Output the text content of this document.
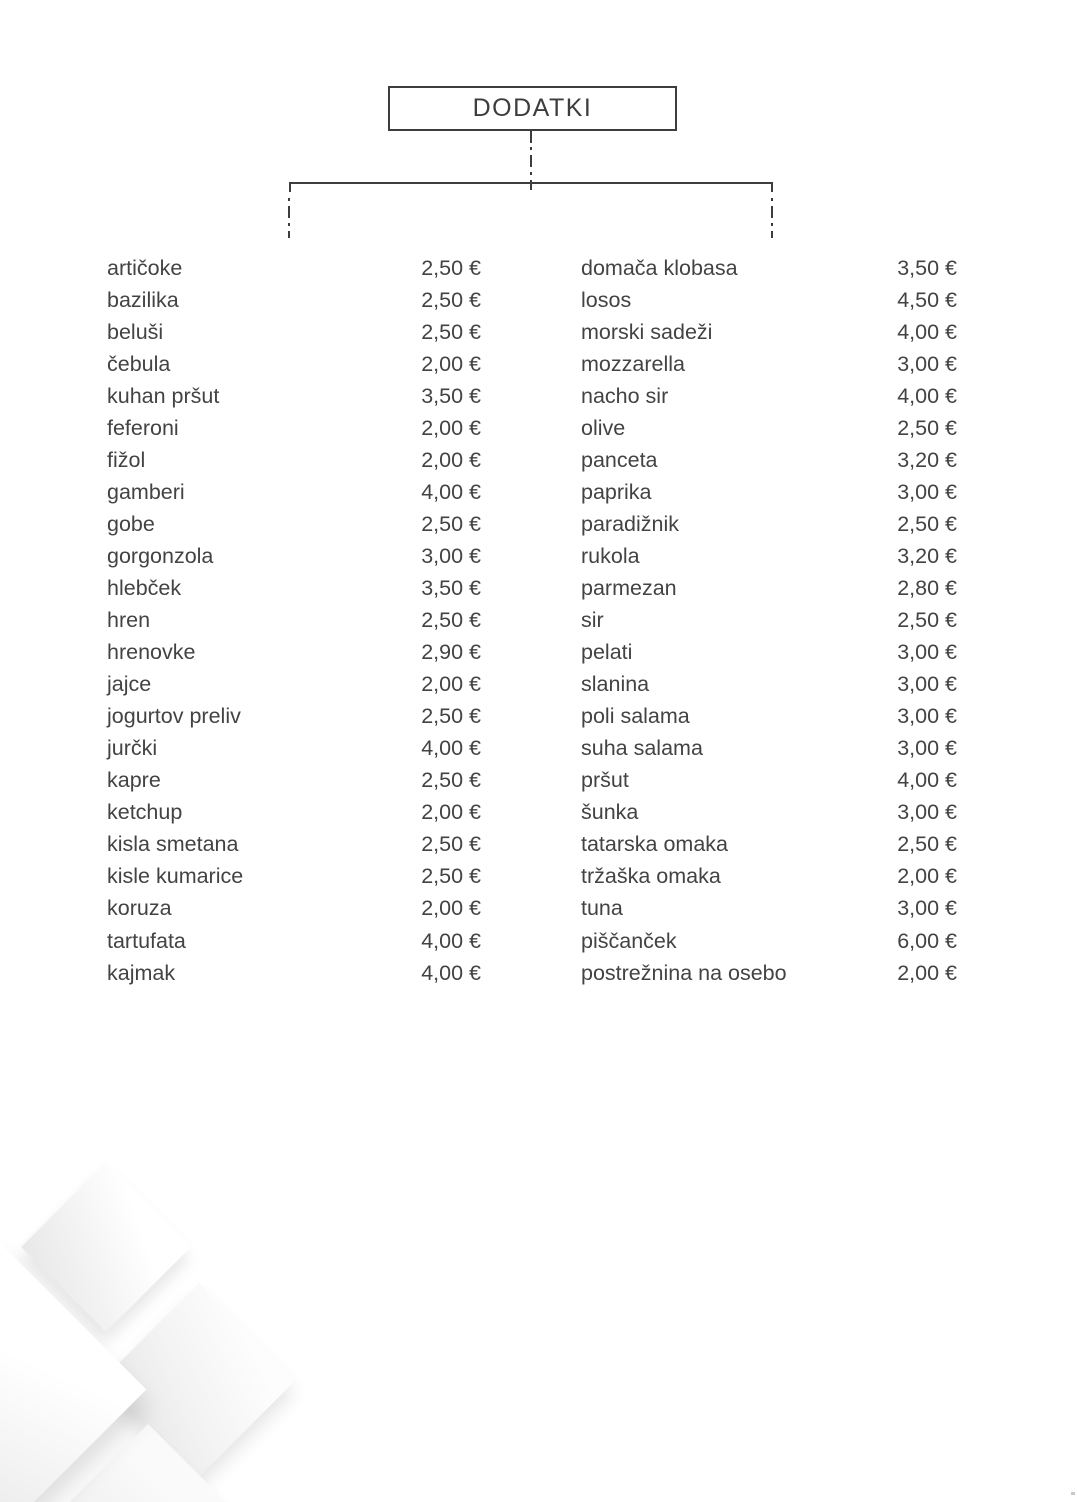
DODATKI
artičoke	2,50 €
bazilika	2,50 €
beluši	2,50 €
čebula	2,00 €
kuhan pršut	3,50 €
feferoni	2,00 €
fižol	2,00 €
gamberi	4,00 €
gobe	2,50 €
gorgonzola	3,00 €
hlebček	3,50 €
hren	2,50 €
hrenovke	2,90 €
jajce	2,00 €
jogurtov preliv	2,50 €
jurčki	4,00 €
kapre	2,50 €
ketchup	2,00 €
kisla smetana	2,50 €
kisle kumarice	2,50 €
koruza	2,00 €
tartufata	4,00 €
kajmak	4,00 €
domača klobasa	3,50 €
losos	4,50 €
morski sadeži	4,00 €
mozzarella	3,00 €
nacho sir	4,00 €
olive	2,50 €
panceta	3,20 €
paprika	3,00 €
paradižnik	2,50 €
rukola	3,20 €
parmezan	2,80 €
sir	2,50 €
pelati	3,00 €
slanina	3,00 €
poli salama	3,00 €
suha salama	3,00 €
pršut	4,00 €
šunka	3,00 €
tatarska omaka	2,50 €
tržaška omaka	2,00 €
tuna	3,00 €
piščanček	6,00 €
postrežnina na osebo	2,00 €
